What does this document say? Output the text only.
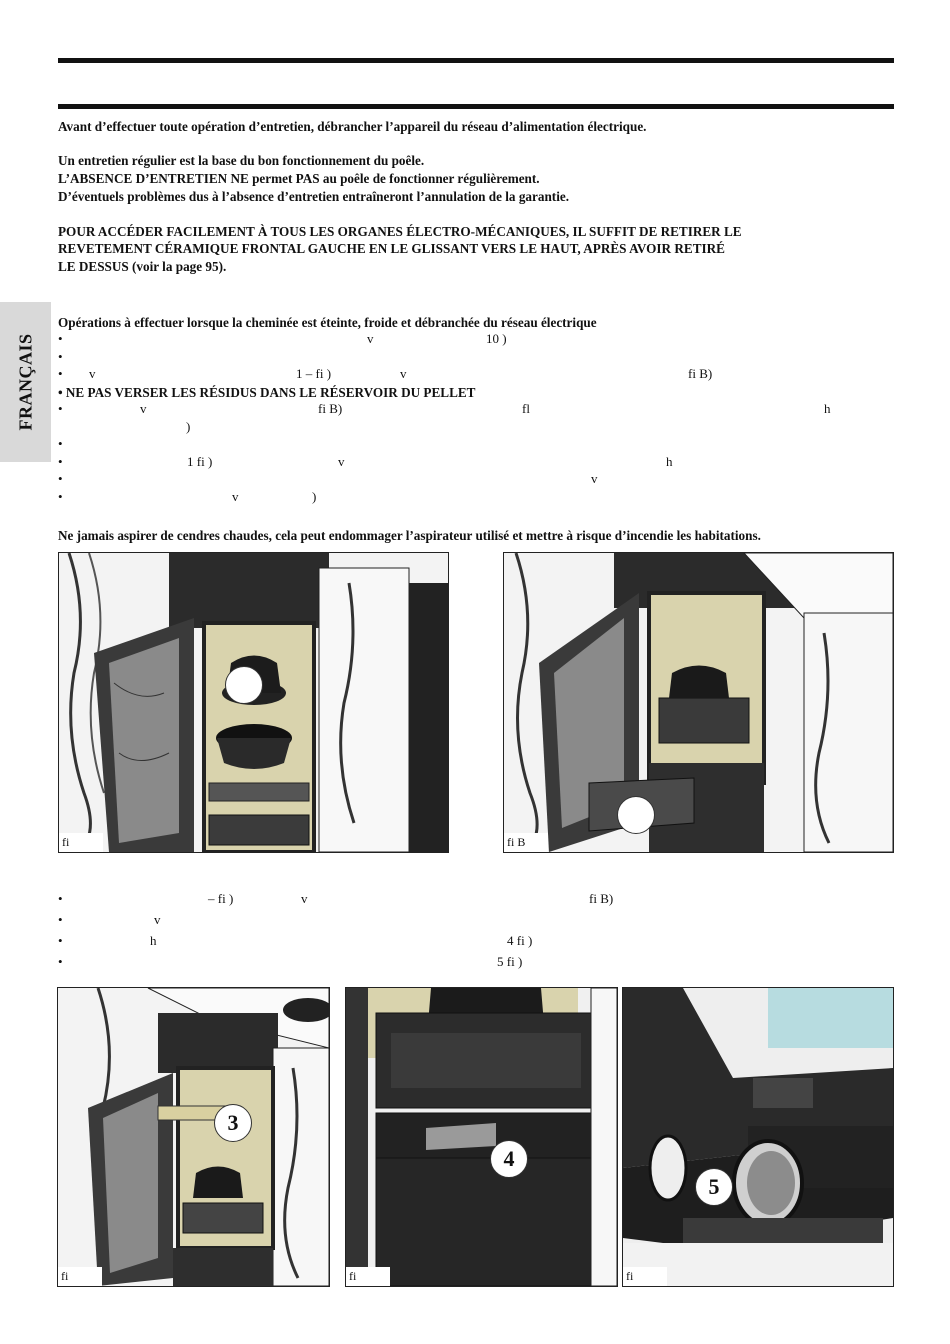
FRANÇAIS
Avant d’effectuer toute opération d’entretien, débrancher l’appareil du réseau d’alimentation électrique.
Un entretien régulier est la base du bon fonctionnement du poêle.
L’ABSENCE D’ENTRETIEN NE permet PAS au poêle de fonctionner régulièrement.
D’éventuels problèmes dus à l’absence d’entretien entraîneront l’annulation de la garantie.
POUR ACCÉDER FACILEMENT À TOUS LES ORGANES ÉLECTRO-MÉCANIQUES, IL SUFFIT DE RETIRER LE
REVETEMENT CÉRAMIQUE FRONTAL GAUCHE EN LE GLISSANT VERS LE HAUT, APRÈS AVOIR RETIRÉ
LE DESSUS (voir la page 95).
Opérations à effectuer lorsque la cheminée est éteinte, froide et débranchée du réseau électrique
•	v	10 )
•
• v	1 – fi )	v	fi B)
• NE PAS VERSER LES RÉSIDUS DANS LE RÉSERVOIR DU PELLET
•	v	fi B)	fl	h
)
•
•	1 fi )	v	h
•	v
•	v	)
Ne jamais aspirer de cendres chaudes, cela peut endommager l’aspirateur utilisé et mettre à risque d’incendie les habitations.
fi	fi B
•	– fi )	v	fi B)
•	v
•	h	4 fi )
•	5 fi )
3
fi
4
fi
5
fi
